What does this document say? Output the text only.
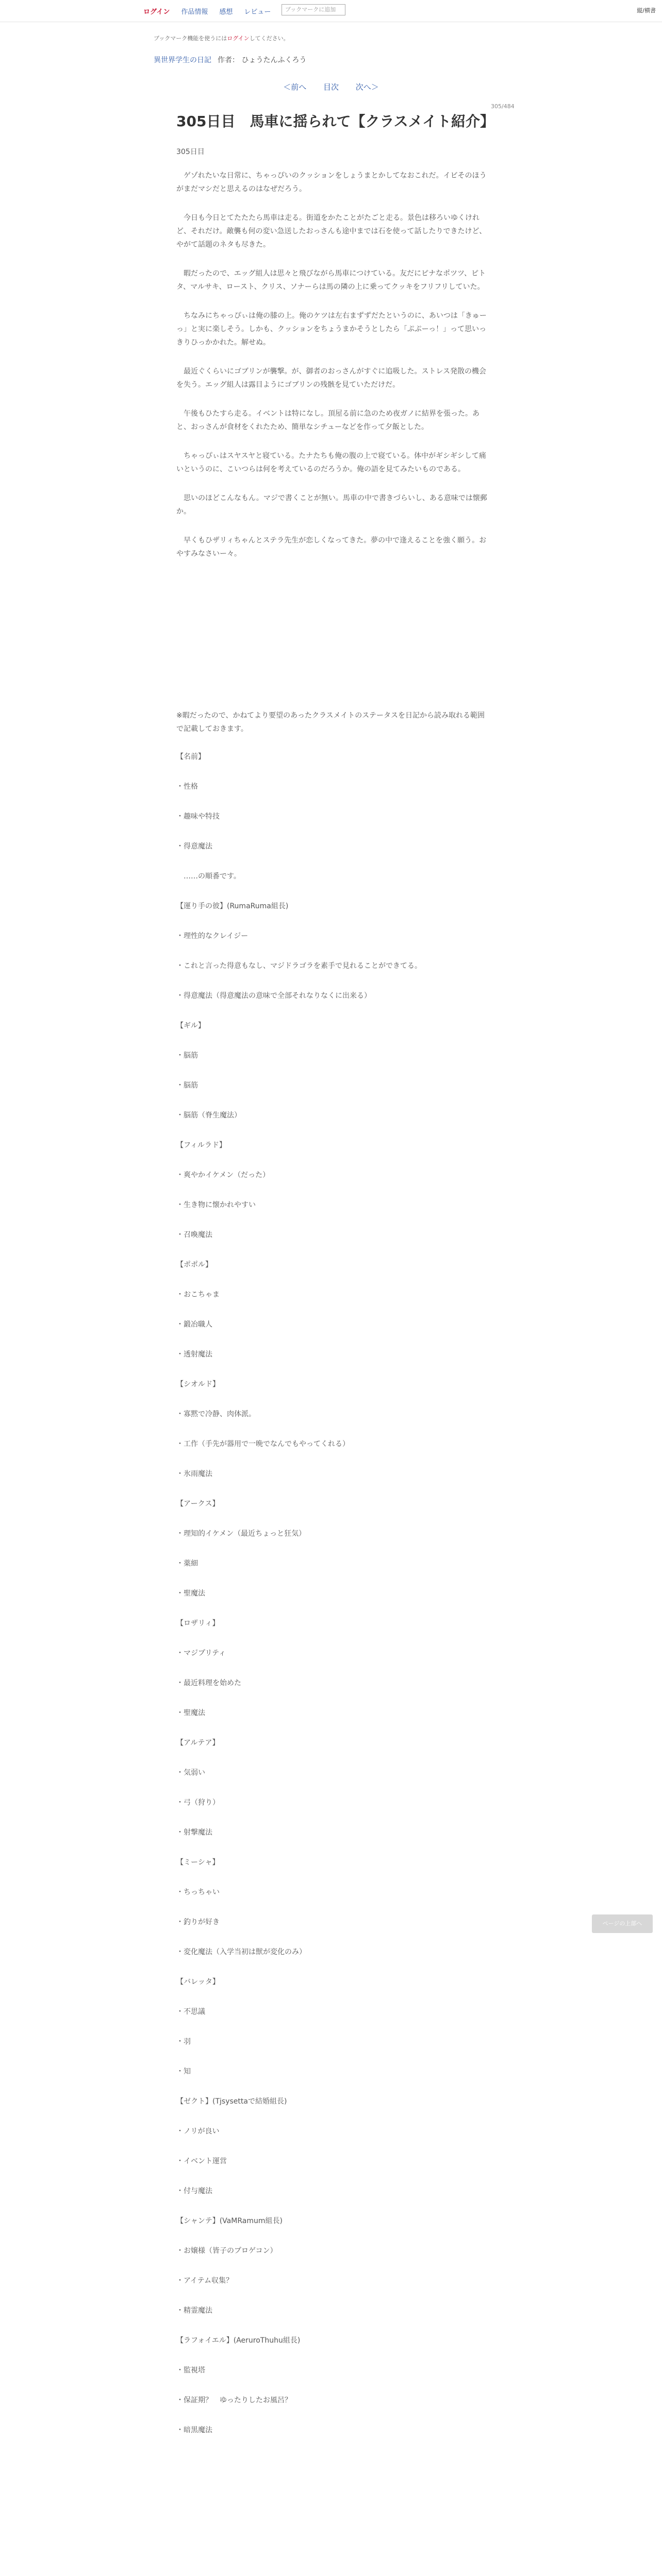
ログイン 作品情報 感想 レビュー	ブックマークに追加	縦/横書
ブックマーク機能を使うにはログインしてください。
異世界学生の日記 作者： ひょうたんふくろう
＜前へ 目次 次へ＞
305/484
305日目　馬車に揺られて【クラスメイト紹介】
305日目

ゲゾれたいな日常に、ちゃっぴいのクッションをしょうまとかしてなおこれだ。イビそのほうがまだマシだと思えるのはなぜだろう。

今日も今日とてたたたら馬車は走る。街道をかたことがたごと走る。景色は移ろいゆくけれど、それだけ。敵襲も何の変い急送したおっさんも途中までは石を使って話したりできたけど、やがて話題のネタも尽きた。

暇だったので、エッグ組人は思々と飛びながら馬車につけている。友だにピナなポツツ、ピトタ、マルサキ、ロースト、クリス、ソナーらは馬の隣の上に乗ってクッキをフリフリしていた。

ちなみにちゃっぴぃは俺の膝の上。俺のケツは左右まずずだたというのに、あいつは「きゅーっ」と実に楽しそう。しかも、クッションをちょうまかそうとしたら「ぷぷーっ！」って思いっきりひっかかれた。解せぬ。

最近ぐくらいにゴブリンが襲撃。が、御者のおっさんがすぐに追吸した。ストレス発散の機会を失う。エッグ組人は露目ようにゴブリンの残骸を見ていただけだ。

午後もひたすら走る。イベントは特になし。頂屋る前に急のため夜ガノに結界を張った。あと、おっさんが食材をくれたため、簡単なシチューなどを作って夕飯とした。

ちゃっぴぃはスヤスヤと寝ている。たナたちも俺の腹の上で寝ている。体中がギシギシして痛いというのに、こいつらは何を考えているのだろうか。俺の語を見てみたいものである。

思いのほどこんなもん。マジで書くことが無い。馬車の中で書きづらいし、ある意味では懐郵か。

早くもひザリィちゃんとステラ先生が恋しくなってきた。夢の中で逢えることを強く願う。おやすみなさいー々。

※暇だったので、かねてより要望のあったクラスメイトのステータスを日記から読み取れる範囲で記載しておきます。
【名前】
・性格
・趣味や特技
・得意魔法
　……の順番です。
【運り手の彼】(RumaRuma組長)
・理性的なクレイジー
・これと言った得意もなし、マジドラゴラを素手で見れることができてる。
・得意魔法（得意魔法の意味で全部それなりなくに出来る）
【ギル】
・脳筋
・脳筋
・脳筋（脊生魔法）
【フィルラド】
・爽やかイケメン（だった）
・生き物に懐かれやすい
・召喚魔法
【ポポル】
・おこちゃま
・鍛冶職人
・透射魔法
【シオルド】
・寡黙で冷静、肉体派。
・工作（手先が器用で一晩でなんでもやってくれる）
・氷雨魔法
【アークス】
・理知的イケメン（最近ちょっと狂気）
・薬細
・聖魔法
【ロザリィ】
・マジプリティ
・最近料理を始めた
・聖魔法
【アルテア】
・気弱い
・弓（狩り）
・射撃魔法
【ミーシャ】
・ちっちゃい
・釣りが好き
・変化魔法（入学当初は獣が変化のみ）
【バレッタ】
・不思議
・羽
・知
【ゼクト】(Tjsysettaで結婚組長)
・ノリが良い
・イベント運営
・付与魔法
【シャンテ】(VaMRamum組長)
・お嬢様（皆子のプロゲコン）
・アイテム収集？
・精霊魔法
【ラフォイエル】(AeruroThuhu組長)
・監視塔
・保証期？　ゆったりしたお風呂？
・暗黒魔法
ページの上部へ
